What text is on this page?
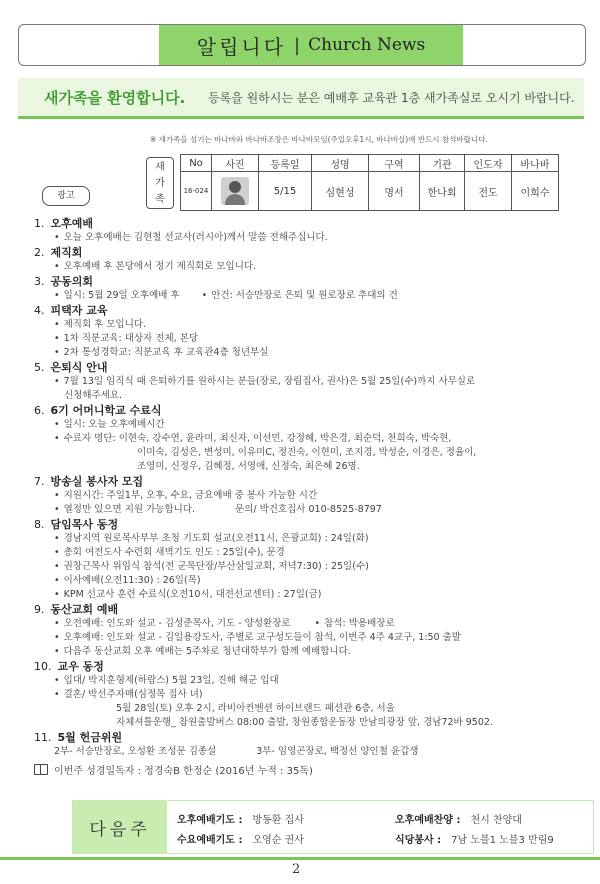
알립니다 | Church News
새가족을 환영합니다. 등록을 원하시는 분은 예배후 교육관 1층 새가족실로 오시기 바랍니다.
※ 새가족을 섬기는 바나바와 바나바조장은 바나바모임(주일오후1시, 바나바실)에 반드시 참석바랍니다.
새
가
족
No	사진	등록일	성명	구역	기관	인도자	바나바
16-024		5/15	심현성	명서	한나회	전도	이희수
광고
1. 오후예배
• 오늘 오후예배는 김현철 선교사(러시아)께서 말씀 전해주십니다.
2. 제직회
• 오후예배 후 본당에서 정기 제직회로 모입니다.
3. 공동의회
• 일시: 5월 29일 오후예배 후 • 안건: 서승만장로 은퇴 및 원로장로 추대의 건
4. 피택자 교육
• 제직회 후 모입니다.
• 1차 직분교육: 대상자 전체, 본당
• 2차 통성경학교: 직분교육 후 교육관4층 청년부실
5. 은퇴식 안내
• 7월 13일 임직식 때 은퇴하기를 원하시는 분들(장로, 장립집사, 권사)은 5월 25일(수)까지 사무실로
신청해주세요.
6. 6기 어머니학교 수료식
• 일시: 오늘 오후예배시간
• 수료자 명단: 이현숙, 강수연, 윤라미, 최신자, 이선민, 강정혜, 박은경, 최순덕, 천희숙, 박숙현,
이미숙, 김성은, 변성미, 이유미C, 정진숙, 이현미, 조지경, 박성순, 이경은, 정율이,
조영미, 신정우, 김혜정, 서영애, 신정숙, 최은혜 26명.
7. 방송실 봉사자 모집
• 지원시간: 주일1부, 오후, 수요, 금요예배 중 봉사 가능한 시간
• 열정만 있으면 지원 가능합니다.	문의/ 박건호집사 010-8525-8797
8. 담임목사 동정
• 경남지역 원로목사부부 초청 기도회 설교(오전11시, 은광교회) : 24일(화)
• 총회 여전도사 수련회 새벽기도 인도 : 25일(수), 문경
• 권창근목사 위임식 참석(전 군목단장/부산삼일교회, 저녁7:30) : 25일(수)
• 이사예배(오전11:30) : 26일(목)
• KPM 선교사 훈련 수료식(오전10시, 대전선교센터) : 27일(금)
9. 동산교회 예배
• 오전예배: 인도와 설교 - 김성준목사, 기도 - 양성환장로	• 참석: 박용배장로
• 오후예배: 인도와 설교 - 김일용강도사, 주별로 교구성도들이 참석, 이번주 4주 4교구, 1:50 출발
• 다음주 동산교회 오후 예배는 5주차로 청년대학부가 함께 예배합니다.
10. 교우 동정
• 입대/ 박지훈형제(하람스) 5월 23일, 진해 해군 입대
• 결혼/ 박선주자매(심정목 집사 녀)
5월 28일(토) 오후 2시, 라비아컨벤션 하이브랜드 패션관 6층, 서울
자체셔틀운행_ 참원출발버스 08:00 출발, 창원종합운동장 만남의광장 앞, 경남72바 9502.
11. 5월 헌금위원
2부- 서승만장로, 오성환 조성문 김종설	3부- 임영곤장로, 백정선 양인철 윤갑생
이번주 성경일독자 : 정경숙B 한정순 (2016년 누적 : 35독)
다음주	오후예배기도 : 방동환 집사
수요예배기도 : 오영순 권사
오후예배찬양 : 천시 찬양대
식당봉사 : 7남 노블1 노블3 반림9
2
